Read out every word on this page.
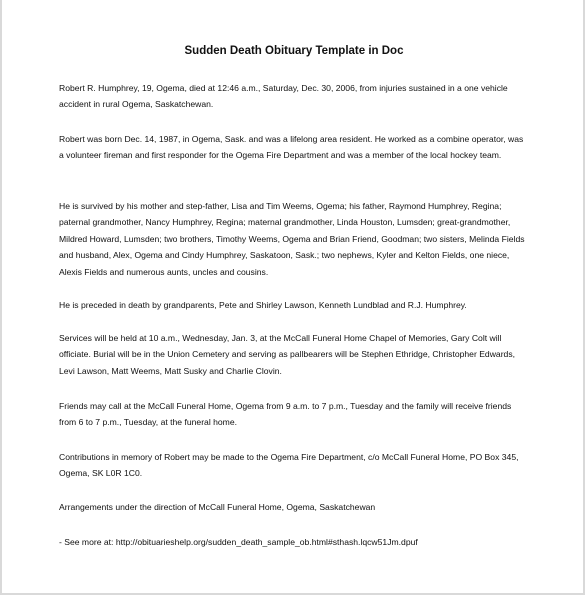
Sudden Death Obituary Template in Doc

Robert R. Humphrey, 19, Ogema, died at 12:46 a.m., Saturday, Dec. 30, 2006, from injuries sustained in a one vehicle accident in rural Ogema, Saskatchewan.

Robert was born Dec. 14, 1987, in Ogema, Sask. and was a lifelong area resident. He worked as a combine operator, was a volunteer fireman and first responder for the Ogema Fire Department and was a member of the local hockey team.

He is survived by his mother and step-father, Lisa and Tim Weems, Ogema; his father, Raymond Humphrey, Regina; paternal grandmother, Nancy Humphrey, Regina; maternal grandmother, Linda Houston, Lumsden; great-grandmother, Mildred Howard, Lumsden; two brothers, Timothy Weems, Ogema and Brian Friend, Goodman; two sisters, Melinda Fields and husband, Alex, Ogema and Cindy Humphrey, Saskatoon, Sask.; two nephews, Kyler and Kelton Fields, one niece, Alexis Fields and numerous aunts, uncles and cousins.

He is preceded in death by grandparents, Pete and Shirley Lawson, Kenneth Lundblad and R.J. Humphrey.

Services will be held at 10 a.m., Wednesday, Jan. 3, at the McCall Funeral Home Chapel of Memories, Gary Colt will officiate. Burial will be in the Union Cemetery and serving as pallbearers will be Stephen Ethridge, Christopher Edwards, Levi Lawson, Matt Weems, Matt Susky and Charlie Clovin.

Friends may call at the McCall Funeral Home, Ogema from 9 a.m. to 7 p.m., Tuesday and the family will receive friends from 6 to 7 p.m., Tuesday, at the funeral home.

Contributions in memory of Robert may be made to the Ogema Fire Department, c/o McCall Funeral Home, PO Box 345, Ogema, SK L0R 1C0.

Arrangements under the direction of McCall Funeral Home, Ogema, Saskatchewan

- See more at: http://obituarieshelp.org/sudden_death_sample_ob.html#sthash.lqcw51Jm.dpuf
